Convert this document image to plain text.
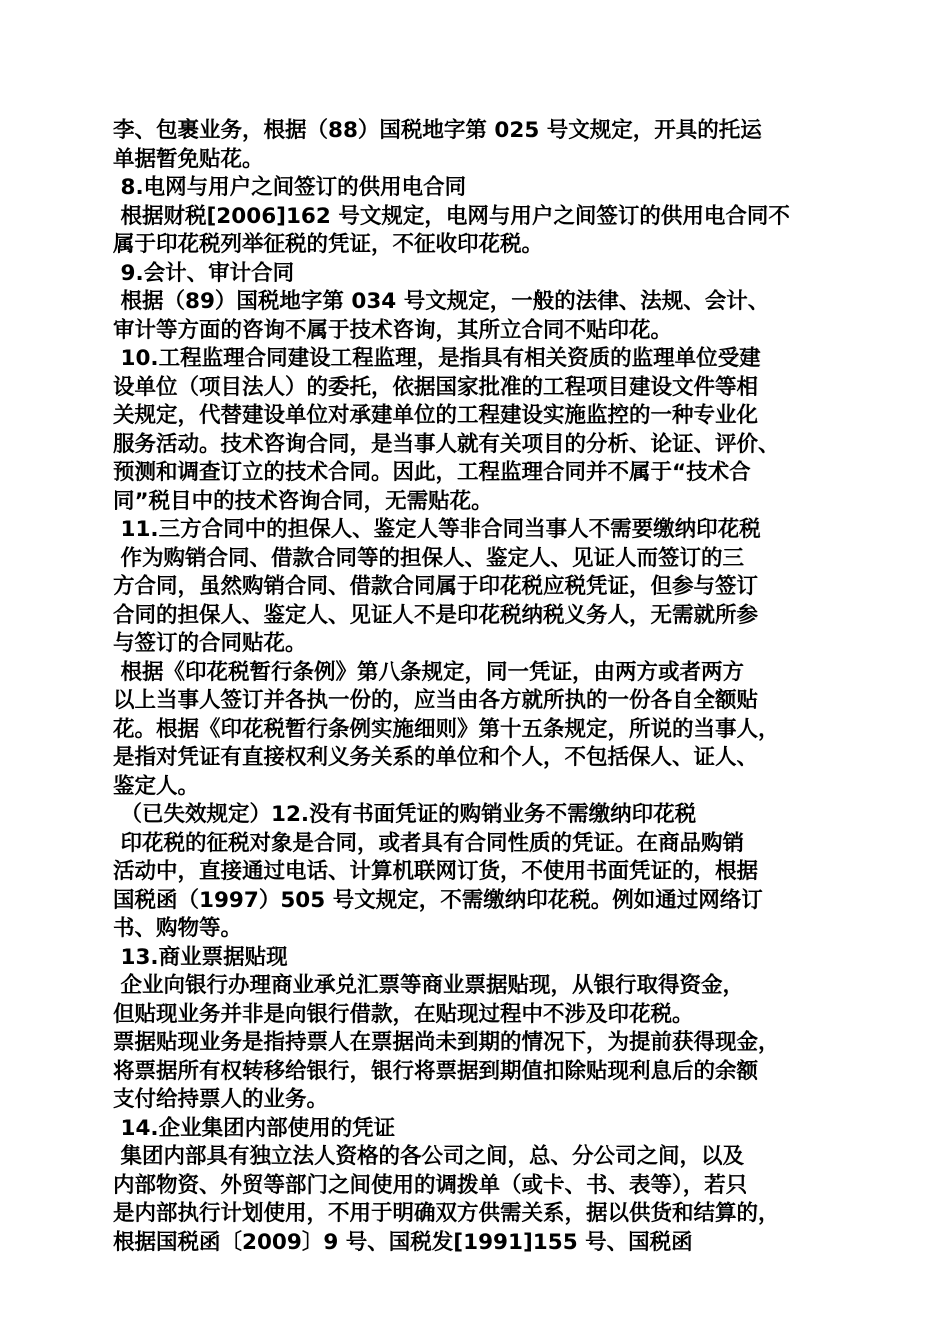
李、包裹业务，根据（88）国税地字第 025 号文规定，开具的托运
单据暂免贴花。
8.电网与用户之间签订的供用电合同
根据财税[2006]162 号文规定，电网与用户之间签订的供用电合同不
属于印花税列举征税的凭证，不征收印花税。
9.会计、审计合同
根据（89）国税地字第 034 号文规定，一般的法律、法规、会计、
审计等方面的咨询不属于技术咨询，其所立合同不贴印花。
10.工程监理合同建设工程监理，是指具有相关资质的监理单位受建
设单位（项目法人）的委托，依据国家批准的工程项目建设文件等相
关规定，代替建设单位对承建单位的工程建设实施监控的一种专业化
服务活动。技术咨询合同，是当事人就有关项目的分析、论证、评价、
预测和调查订立的技术合同。因此，工程监理合同并不属于“技术合
同”税目中的技术咨询合同，无需贴花。
11.三方合同中的担保人、鉴定人等非合同当事人不需要缴纳印花税
作为购销合同、借款合同等的担保人、鉴定人、见证人而签订的三
方合同，虽然购销合同、借款合同属于印花税应税凭证，但参与签订
合同的担保人、鉴定人、见证人不是印花税纳税义务人，无需就所参
与签订的合同贴花。
根据《印花税暂行条例》第八条规定，同一凭证，由两方或者两方
以上当事人签订并各执一份的，应当由各方就所执的一份各自全额贴
花。根据《印花税暂行条例实施细则》第十五条规定，所说的当事人，
是指对凭证有直接权利义务关系的单位和个人，不包括保人、证人、
鉴定人。
（已失效规定）12.没有书面凭证的购销业务不需缴纳印花税
印花税的征税对象是合同，或者具有合同性质的凭证。在商品购销
活动中，直接通过电话、计算机联网订货，不使用书面凭证的，根据
国税函（1997）505 号文规定，不需缴纳印花税。例如通过网络订
书、购物等。
13.商业票据贴现
企业向银行办理商业承兑汇票等商业票据贴现，从银行取得资金，
但贴现业务并非是向银行借款，在贴现过程中不涉及印花税。
票据贴现业务是指持票人在票据尚未到期的情况下，为提前获得现金，
将票据所有权转移给银行，银行将票据到期值扣除贴现利息后的余额
支付给持票人的业务。
14.企业集团内部使用的凭证
集团内部具有独立法人资格的各公司之间，总、分公司之间，以及
内部物资、外贸等部门之间使用的调拨单（或卡、书、表等），若只
是内部执行计划使用，不用于明确双方供需关系，据以供货和结算的，
根据国税函〔2009〕9 号、国税发[1991]155 号、国税函
